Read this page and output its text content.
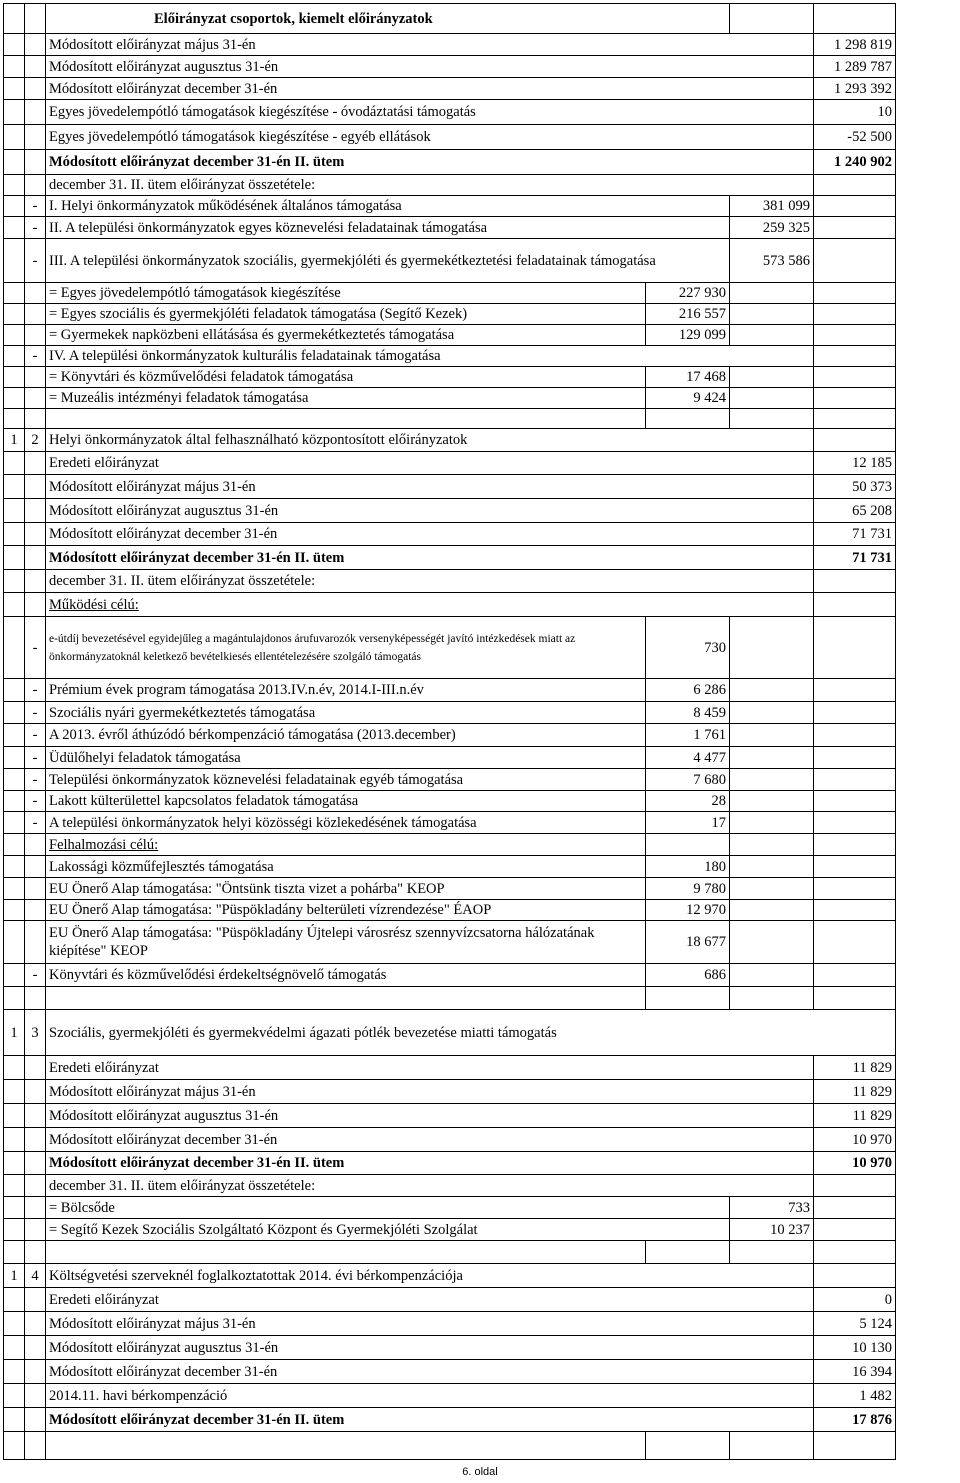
		Előirányzat csoportok, kiemelt előirányzatok			
		Módosított előirányzat május 31-én			1 298 819
		Módosított előirányzat augusztus 31-én			1 289 787
		Módosított előirányzat december 31-én			1 293 392
		Egyes jövedelempótló támogatások kiegészítése - óvodáztatási támogatás			10
		Egyes jövedelempótló támogatások kiegészítése - egyéb ellátások			-52 500
		Módosított előirányzat december 31-én II. ütem			1 240 902
		december 31. II. ütem előirányzat összetétele:			
	-	I. Helyi önkormányzatok működésének általános támogatása		381 099	
	-	II. A települési önkormányzatok egyes köznevelési feladatainak támogatása		259 325	
	-	III. A települési önkormányzatok szociális, gyermekjóléti és gyermekétkeztetési feladatainak támogatása		573 586	
		= Egyes jövedelempótló támogatások kiegészítése	227 930		
		= Egyes szociális és gyermekjóléti feladatok támogatása (Segítő Kezek)	216 557		
		= Gyermekek napközbeni ellátásása és gyermekétkeztetés támogatása	129 099		
	-	IV. A települési önkormányzatok kulturális feladatainak támogatása			
		= Könyvtári és közművelődési feladatok támogatása	17 468		
		= Muzeális intézményi feladatok támogatása	9 424		

1	2	Helyi önkormányzatok által felhasználható központosított előirányzatok			
		Eredeti előirányzat			12 185
		Módosított előirányzat május 31-én			50 373
		Módosított előirányzat augusztus 31-én			65 208
		Módosított előirányzat december 31-én			71 731
		Módosított előirányzat december 31-én II. ütem			71 731
		december 31. II. ütem előirányzat összetétele:			
		Működési célú:			
	-	e-útdíj bevezetésével egyidejűleg a magántulajdonos árufuvarozók versenyképességét javító intézkedések miatt az önkormányzatoknál keletkező bevételkiesés ellentételezésére szolgáló támogatás	730		
	-	Prémium évek program támogatása 2013.IV.n.év, 2014.I-III.n.év	6 286		
	-	Szociális nyári gyermekétkeztetés támogatása	8 459		
	-	A 2013. évről áthúzódó bérkompenzáció támogatása (2013.december)	1 761		
	-	Üdülőhelyi feladatok támogatása	4 477		
	-	Települési önkormányzatok köznevelési feladatainak egyéb támogatása	7 680		
	-	Lakott külterülettel kapcsolatos feladatok támogatása	28		
	-	A települési önkormányzatok helyi közösségi közlekedésének támogatása	17		
		Felhalmozási célú:			
		Lakossági közműfejlesztés támogatása	180		
		EU Önerő Alap támogatása: "Öntsünk tiszta vizet a pohárba" KEOP	9 780		
		EU Önerő Alap támogatása: "Püspökladány belterületi vízrendezése" ÉAOP	12 970		
		EU Önerő Alap támogatása: "Püspökladány Újtelepi városrész szennyvízcsatorna hálózatának kiépítése" KEOP	18 677		
	-	Könyvtári és közművelődési érdekeltségnövelő támogatás	686		

1	3	Szociális, gyermekjóléti és gyermekvédelmi ágazati pótlék bevezetése miatti támogatás			
		Eredeti előirányzat			11 829
		Módosított előirányzat május 31-én			11 829
		Módosított előirányzat augusztus 31-én			11 829
		Módosított előirányzat december 31-én			10 970
		Módosított előirányzat december 31-én II. ütem			10 970
		december 31. II. ütem előirányzat összetétele:			
		= Bölcsőde		733	
		= Segítő Kezek Szociális Szolgáltató Központ és Gyermekjóléti Szolgálat		10 237	

1	4	Költségvetési szerveknél foglalkoztatottak 2014. évi bérkompenzációja			
		Eredeti előirányzat			0
		Módosított előirányzat május 31-én			5 124
		Módosított előirányzat augusztus 31-én			10 130
		Módosított előirányzat december 31-én			16 394
		2014.11. havi bérkompenzáció			1 482
		Módosított előirányzat december 31-én II. ütem			17 876

6. oldal
